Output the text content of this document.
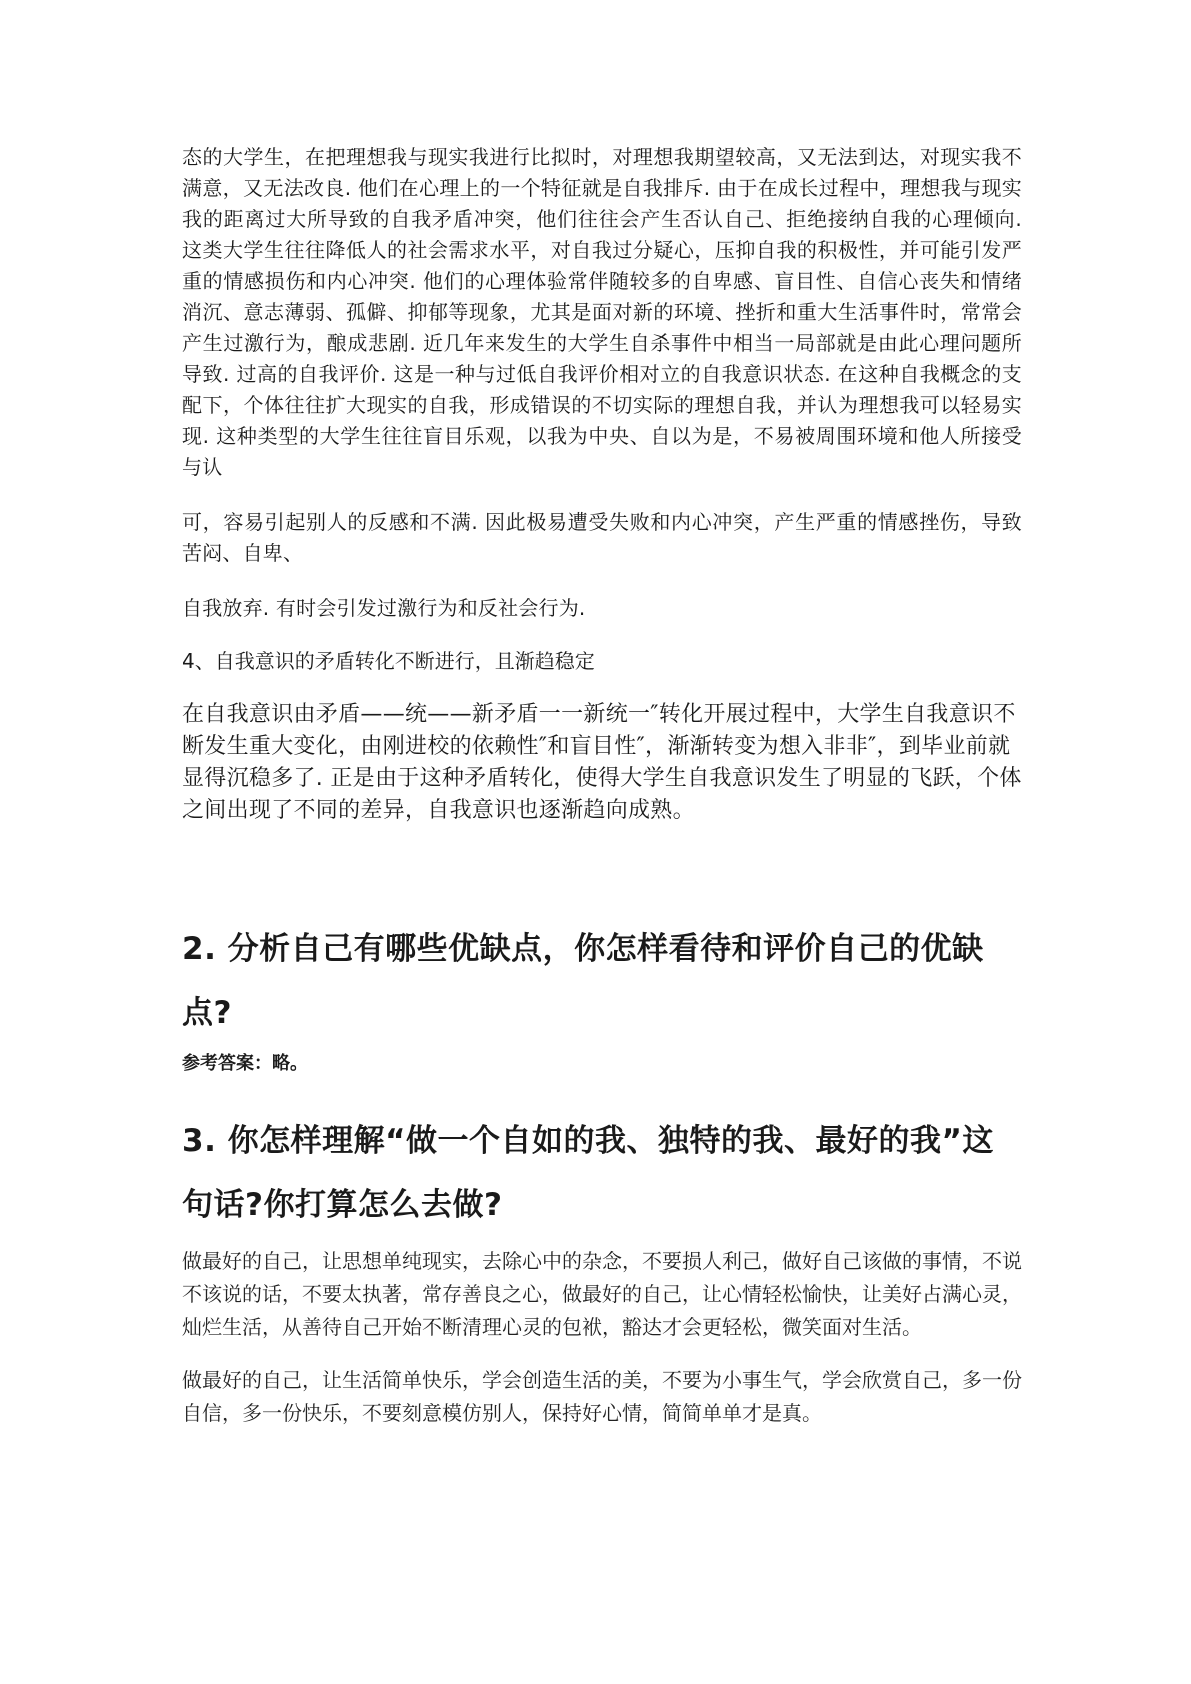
态的大学生，在把理想我与现实我进行比拟时，对理想我期望较高，又无法到达，对现实我不满意，又无法改良. 他们在心理上的一个特征就是自我排斥. 由于在成长过程中，理想我与现实我的距离过大所导致的自我矛盾冲突，他们往往会产生否认自己、拒绝接纳自我的心理倾向. 这类大学生往往降低人的社会需求水平，对自我过分疑心，压抑自我的积极性，并可能引发严重的情感损伤和内心冲突. 他们的心理体验常伴随较多的自卑感、盲目性、自信心丧失和情绪消沉、意志薄弱、孤僻、抑郁等现象，尤其是面对新的环境、挫折和重大生活事件时，常常会产生过激行为，酿成悲剧. 近几年来发生的大学生自杀事件中相当一局部就是由此心理问题所导致. 过高的自我评价. 这是一种与过低自我评价相对立的自我意识状态. 在这种自我概念的支配下，个体往往扩大现实的自我，形成错误的不切实际的理想自我，并认为理想我可以轻易实现. 这种类型的大学生往往盲目乐观，以我为中央、自以为是，不易被周围环境和他人所接受与认

可，容易引起别人的反感和不满. 因此极易遭受失败和内心冲突，产生严重的情感挫伤，导致苦闷、自卑、

自我放弃. 有时会引发过激行为和反社会行为.

4、自我意识的矛盾转化不断进行，且渐趋稳定

在自我意识由矛盾——统——新矛盾一一新统一″转化开展过程中，大学生自我意识不断发生重大变化，由刚进校的依赖性″和盲目性″，渐渐转变为想入非非″，到毕业前就显得沉稳多了. 正是由于这种矛盾转化，使得大学生自我意识发生了明显的飞跃，个体之间出现了不同的差异，自我意识也逐渐趋向成熟。

2. 分析自己有哪些优缺点，你怎样看待和评价自己的优缺
点?

参考答案：略。

3. 你怎样理解“做一个自如的我、独特的我、最好的我”这
句话?你打算怎么去做?

做最好的自己，让思想单纯现实，去除心中的杂念，不要损人利己，做好自己该做的事情，不说不该说的话，不要太执著，常存善良之心，做最好的自己，让心情轻松愉快，让美好占满心灵，灿烂生活，从善待自己开始不断清理心灵的包袱，豁达才会更轻松，微笑面对生活。

做最好的自己，让生活简单快乐，学会创造生活的美，不要为小事生气，学会欣赏自己，多一份自信，多一份快乐，不要刻意模仿别人，保持好心情，简简单单才是真。
